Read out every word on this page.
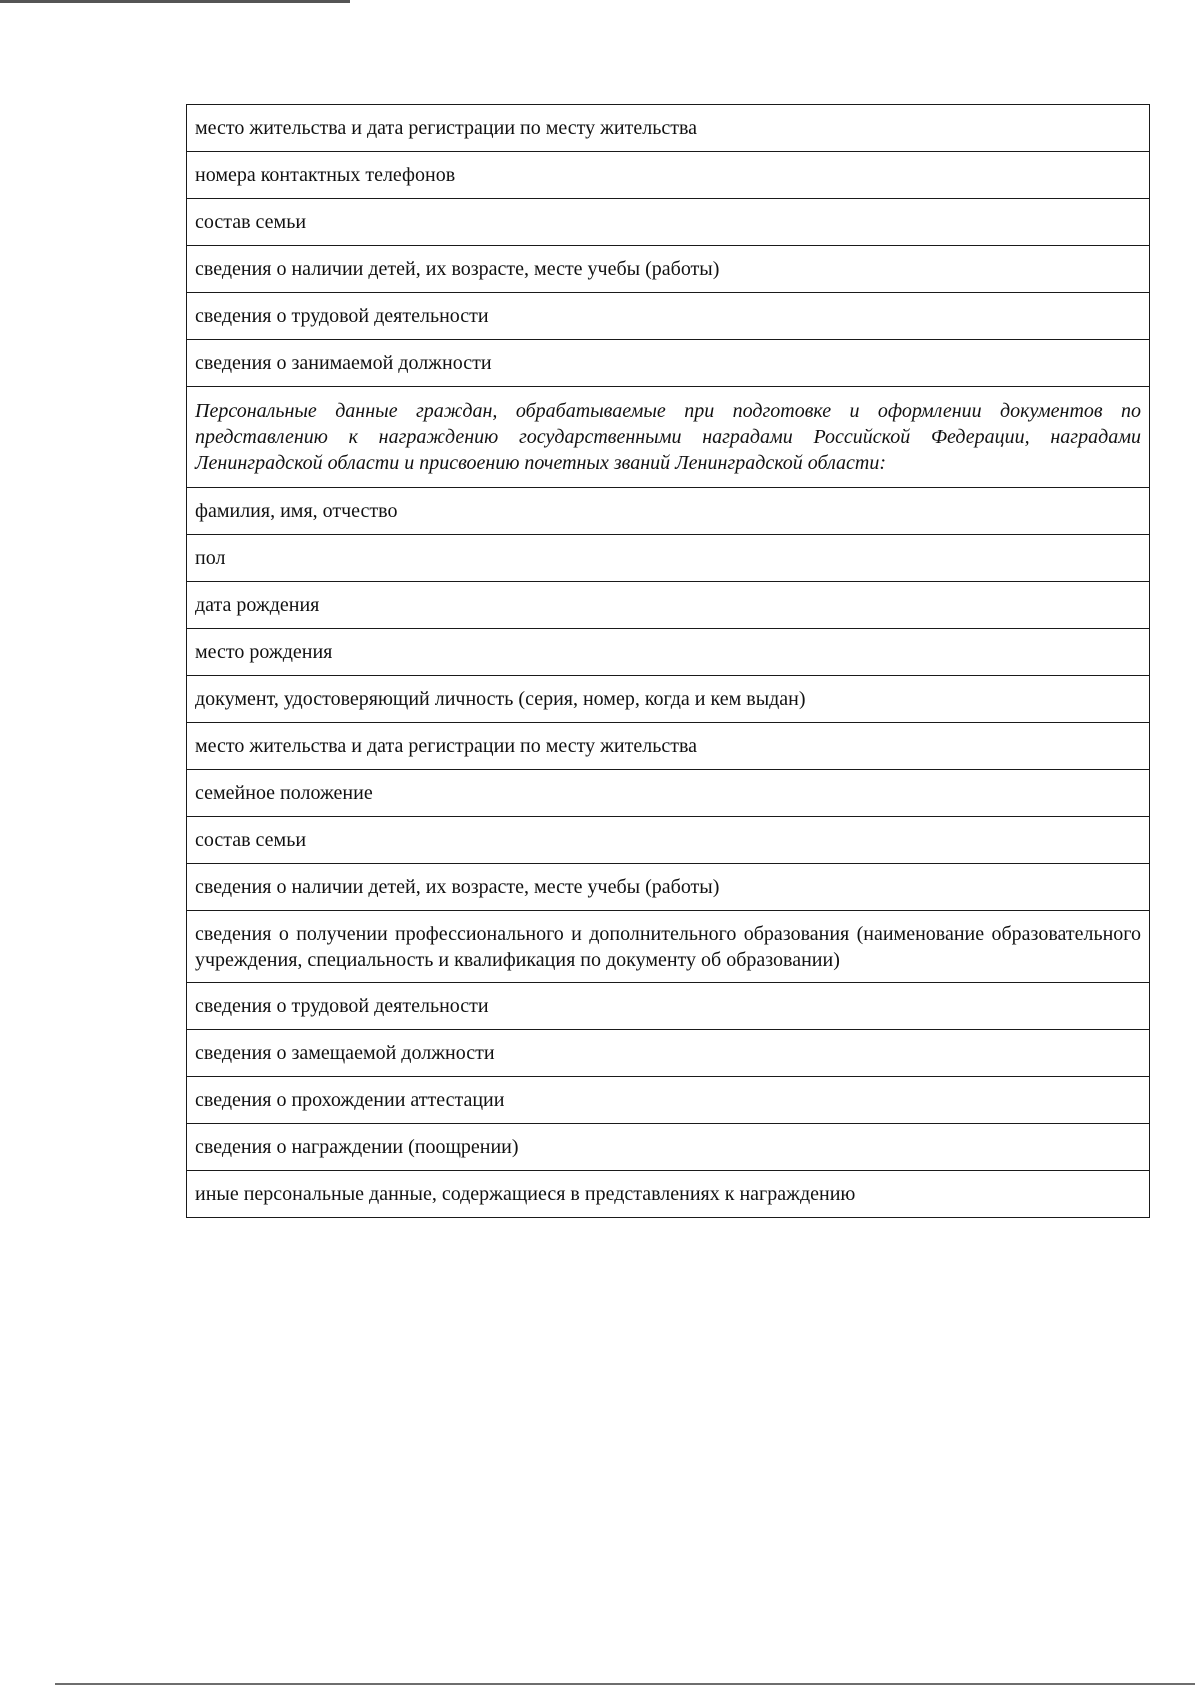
место жительства и дата регистрации по месту жительства
номера контактных телефонов
состав семьи
сведения о наличии детей, их возрасте, месте учебы (работы)
сведения о трудовой деятельности
сведения о занимаемой должности
Персональные данные граждан, обрабатываемые при подготовке и оформлении документов по представлению к награждению государственными наградами Российской Федерации, наградами Ленинградской области и присвоению почетных званий Ленинградской области:
фамилия, имя, отчество
пол
дата рождения
место рождения
документ, удостоверяющий личность (серия, номер, когда и кем выдан)
место жительства и дата регистрации по месту жительства
семейное положение
состав семьи
сведения о наличии детей, их возрасте, месте учебы (работы)
сведения о получении профессионального и дополнительного образования (наименование образовательного учреждения, специальность и квалификация по документу об образовании)
сведения о трудовой деятельности
сведения о замещаемой должности
сведения о прохождении аттестации
сведения о награждении (поощрении)
иные персональные данные, содержащиеся в представлениях к награждению
